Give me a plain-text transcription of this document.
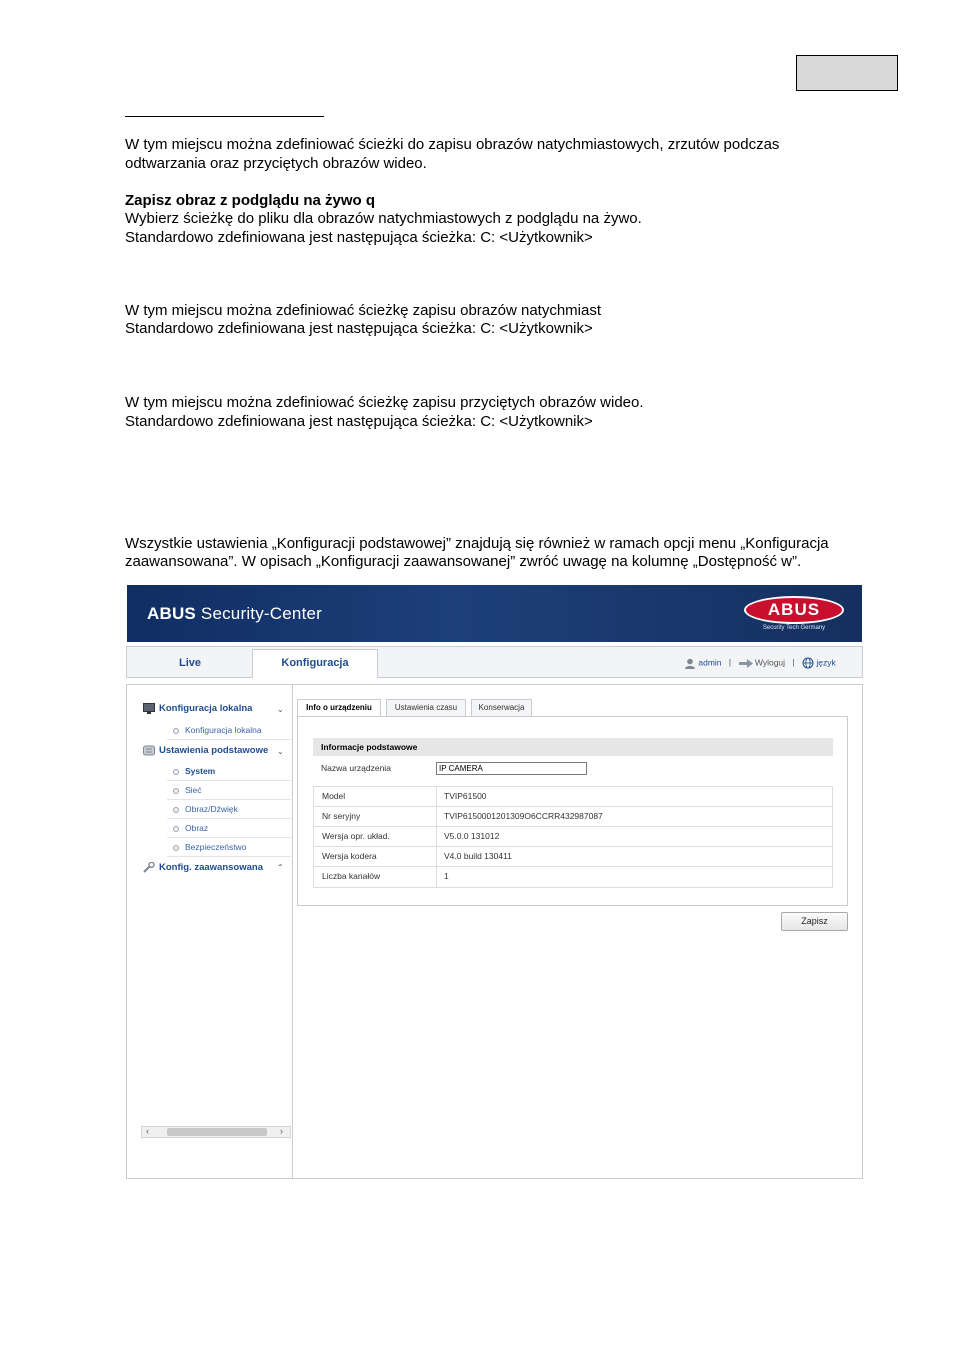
W tym miejscu można zdefiniować ścieżki do zapisu obrazów natychmiastowych, zrzutów podczas
odtwarzania oraz przyciętych obrazów wideo.
Zapisz obraz z podglądu na żywo q
Wybierz ścieżkę do pliku dla obrazów natychmiastowych z podglądu na żywo.
Standardowo zdefiniowana jest następująca ścieżka: C: <Użytkownik>
W tym miejscu można zdefiniować ścieżkę zapisu obrazów natychmiast
Standardowo zdefiniowana jest następująca ścieżka: C: <Użytkownik>
W tym miejscu można zdefiniować ścieżkę zapisu przyciętych obrazów wideo.
Standardowo zdefiniowana jest następująca ścieżka: C: <Użytkownik>
Wszystkie ustawienia „Konfiguracji podstawowej” znajdują się również w ramach opcji menu „Konfiguracja
zaawansowana”. W opisach „Konfiguracji zaawansowanej” zwróć uwagę na kolumnę „Dostępność w”.
ABUS Security-Center	ABUS
Security Tech Germany
Live	Konfiguracja	admin |	Wyloguj |	język
Konfiguracja lokalna	⌄
Konfiguracja lokalna
Ustawienia podstawowe ⌄
System
Sieć
Obraz/Dźwięk
Obraz
Bezpieczeństwo
Konfig. zaawansowana ⌃
‹	›
Info o urządzeniu	Ustawienia czasu	Konserwacja
Informacje podstawowe
Nazwa urządzenia	IP CAMERA
Model	TVIP61500
Nr seryjny	TVIP6150001201309O6CCRR432987087
Wersja opr. układ.	V5.0.0 131012
Wersja kodera	V4.0 build 130411
Liczba kanałów	1
Zapisz
